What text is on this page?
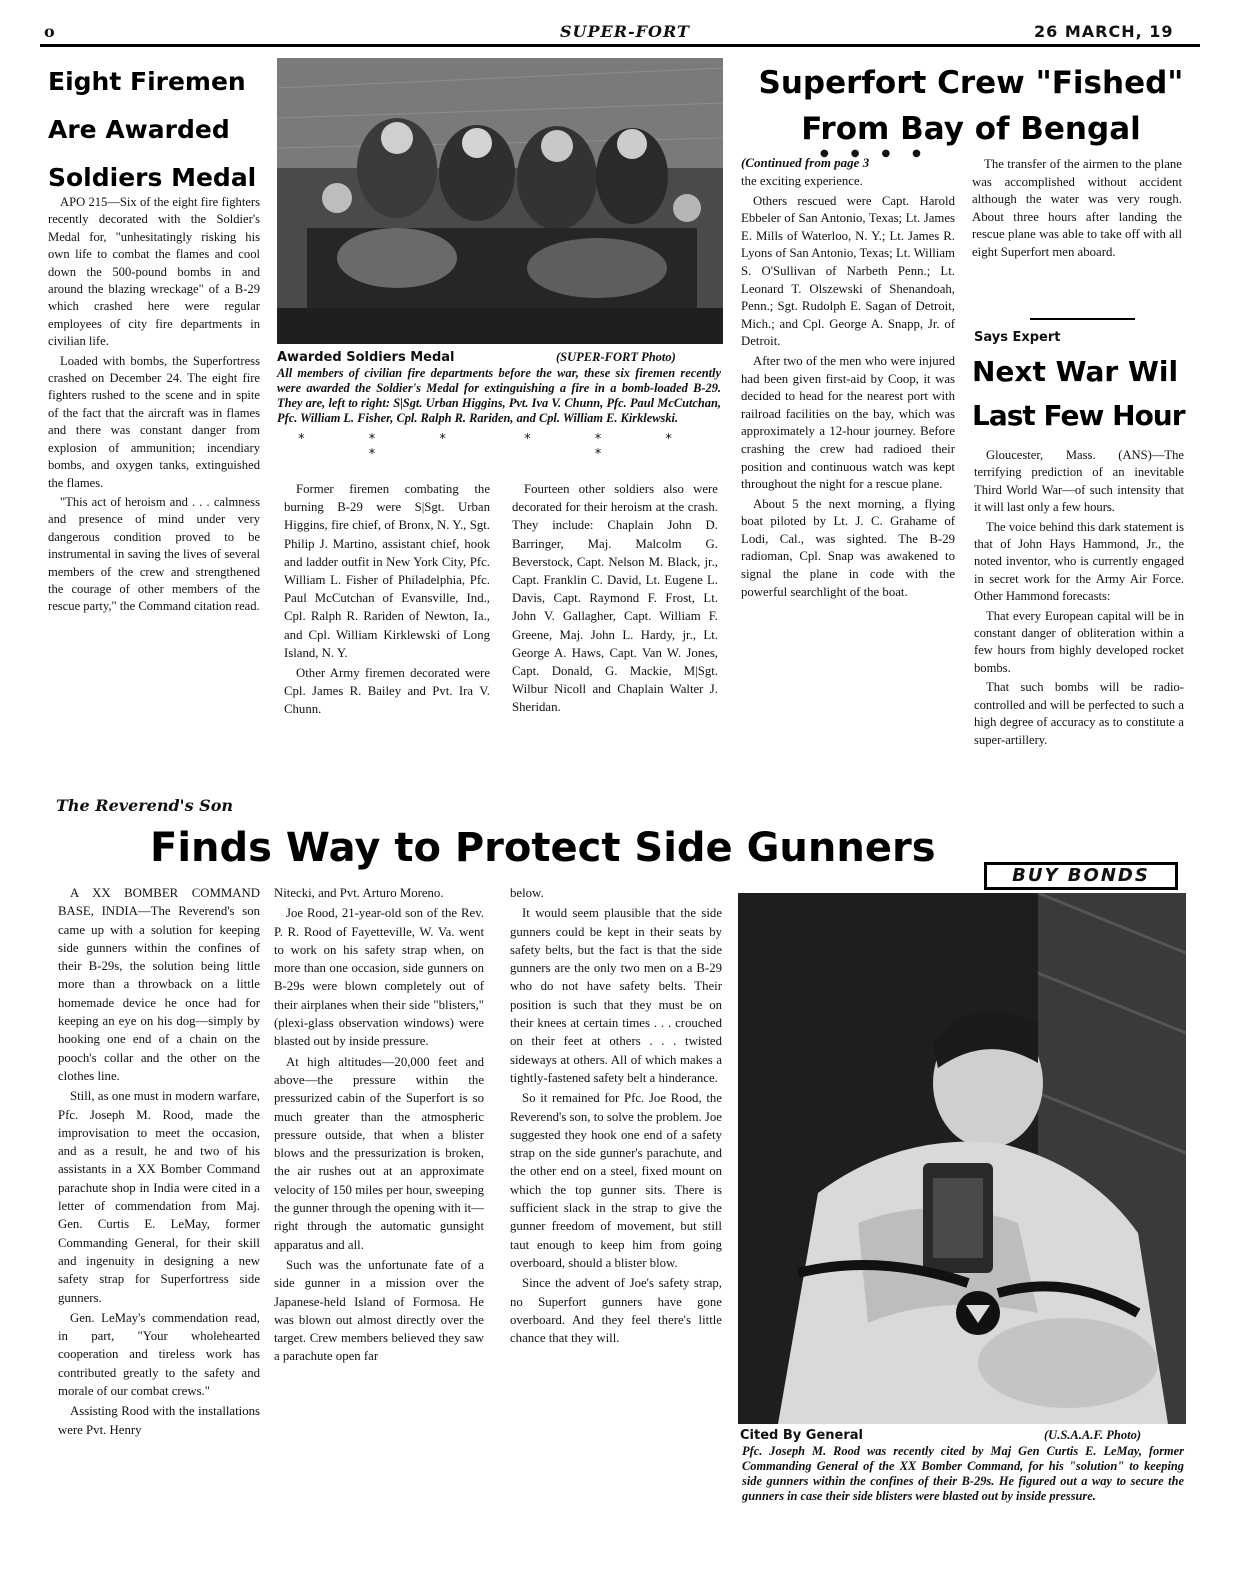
o	SUPER-FORT	26 MARCH, 19
Eight Firemen
Are Awarded
Soldiers Medal

APO 215—Six of the eight fire fighters recently decorated with the Soldier's Medal for, "unhesitatingly risking his own life to combat the flames and cool down the 500-pound bombs in and around the blazing wreckage" of a B-29 which crashed here were regular employees of city fire departments in civilian life.

Loaded with bombs, the Superfortress crashed on December 24. The eight fire fighters rushed to the scene and in spite of the fact that the aircraft was in flames and there was constant danger from explosion of ammunition; incendiary bombs, and oxygen tanks, extinguished the flames.

"This act of heroism and . . . calmness and presence of mind under very dangerous condition proved to be instrumental in saving the lives of several members of the crew and strengthened the courage of other members of the rescue party," the Command citation read.

Awarded Soldiers Medal	(SUPER-FORT Photo)
All members of civilian fire departments before the war, these six firemen recently were awarded the Soldier's Medal for extinguishing a fire in a bomb-loaded B-29. They are, left to right: S|Sgt. Urban Higgins, Pvt. Iva V. Chunn, Pfc. Paul McCutchan, Pfc. William L. Fisher, Cpl. Ralph R. Rariden, and Cpl. William E. Kirklewski.
* * * *
* * * *

Former firemen combating the burning B-29 were S|Sgt. Urban Higgins, fire chief, of Bronx, N. Y., Sgt. Philip J. Martino, assistant chief, hook and ladder outfit in New York City, Pfc. William L. Fisher of Philadelphia, Pfc. Paul McCutchan of Evansville, Ind., Cpl. Ralph R. Rariden of Newton, Ia., and Cpl. William Kirklewski of Long Island, N. Y.

Other Army firemen decorated were Cpl. James R. Bailey and Pvt. Ira V. Chunn.

Fourteen other soldiers also were decorated for their heroism at the crash. They include: Chaplain John D. Barringer, Maj. Malcolm G. Beverstock, Capt. Nelson M. Black, jr., Capt. Franklin C. David, Lt. Eugene L. Davis, Capt. Raymond F. Frost, Lt. John V. Gallagher, Capt. William F. Greene, Maj. John L. Hardy, jr., Lt. George A. Haws, Capt. Van W. Jones, Capt. Donald, G. Mackie, M|Sgt. Wilbur Nicoll and Chaplain Walter J. Sheridan.

Superfort Crew "Fished"
From Bay of Bengal
●●●●
(Continued from page 3

the exciting experience.

Others rescued were Capt. Harold Ebbeler of San Antonio, Texas; Lt. James E. Mills of Waterloo, N. Y.; Lt. James R. Lyons of San Antonio, Texas; Lt. William S. O'Sullivan of Narbeth Penn.; Lt. Leonard T. Olszewski of Shenandoah, Penn.; Sgt. Rudolph E. Sagan of Detroit, Mich.; and Cpl. George A. Snapp, Jr. of Detroit.

After two of the men who were injured had been given first-aid by Coop, it was decided to head for the nearest port with railroad facilities on the bay, which was approximately a 12-hour journey. Before crashing the crew had radioed their position and continuous watch was kept throughout the night for a rescue plane.

About 5 the next morning, a flying boat piloted by Lt. J. C. Grahame of Lodi, Cal., was sighted. The B-29 radioman, Cpl. Snap was awakened to signal the plane in code with the powerful searchlight of the boat.

The transfer of the airmen to the plane was accomplished without accident although the water was very rough. About three hours after landing the rescue plane was able to take off with all eight Superfort men aboard.

Says Expert
Next War Wil
Last Few Hour

Gloucester, Mass. (ANS)—The terrifying prediction of an inevitable Third World War—of such intensity that it will last only a few hours.

The voice behind this dark statement is that of John Hays Hammond, Jr., the noted inventor, who is currently engaged in secret work for the Army Air Force. Other Hammond forecasts:

That every European capital will be in constant danger of obliteration within a few hours from highly developed rocket bombs.

That such bombs will be radio-controlled and will be perfected to such a high degree of accuracy as to constitute a super-artillery.

BUY BONDS
The Reverend's Son
Finds Way to Protect Side Gunners

A XX BOMBER COMMAND BASE, INDIA—The Reverend's son came up with a solution for keeping side gunners within the confines of their B-29s, the solution being little more than a throwback on a little homemade device he once had for keeping an eye on his dog—simply by hooking one end of a chain on the pooch's collar and the other on the clothes line.

Still, as one must in modern warfare, Pfc. Joseph M. Rood, made the improvisation to meet the occasion, and as a result, he and two of his assistants in a XX Bomber Command parachute shop in India were cited in a letter of commendation from Maj. Gen. Curtis E. LeMay, former Commanding General, for their skill and ingenuity in designing a new safety strap for Superfortress side gunners.

Gen. LeMay's commendation read, in part, "Your wholehearted cooperation and tireless work has contributed greatly to the safety and morale of our combat crews."

Assisting Rood with the installations were Pvt. Henry

Nitecki, and Pvt. Arturo Moreno.

Joe Rood, 21-year-old son of the Rev. P. R. Rood of Fayetteville, W. Va. went to work on his safety strap when, on more than one occasion, side gunners on B-29s were blown completely out of their airplanes when their side "blisters," (plexi-glass observation windows) were blasted out by inside pressure.

At high altitudes—20,000 feet and above—the pressure within the pressurized cabin of the Superfort is so much greater than the atmospheric pressure outside, that when a blister blows and the pressurization is broken, the air rushes out at an approximate velocity of 150 miles per hour, sweeping the gunner through the opening with it—right through the automatic gunsight apparatus and all.

Such was the unfortunate fate of a side gunner in a mission over the Japanese-held Island of Formosa. He was blown out almost directly over the target. Crew members believed they saw a parachute open far

below.

It would seem plausible that the side gunners could be kept in their seats by safety belts, but the fact is that the side gunners are the only two men on a B-29 who do not have safety belts. Their position is such that they must be on their knees at certain times . . . crouched on their feet at others . . . twisted sideways at others. All of which makes a tightly-fastened safety belt a hinderance.

So it remained for Pfc. Joe Rood, the Reverend's son, to solve the problem. Joe suggested they hook one end of a safety strap on the side gunner's parachute, and the other end on a steel, fixed mount on which the top gunner sits. There is sufficient slack in the strap to give the gunner freedom of movement, but still taut enough to keep him from going overboard, should a blister blow.

Since the advent of Joe's safety strap, no Superfort gunners have gone overboard. And they feel there's little chance that they will.

Cited By General	(U.S.A.A.F. Photo)
Pfc. Joseph M. Rood was recently cited by Maj Gen Curtis E. LeMay, former Commanding General of the XX Bomber Command, for his "solution" to keeping side gunners within the confines of their B-29s. He figured out a way to secure the gunners in case their side blisters were blasted out by inside pressure.
